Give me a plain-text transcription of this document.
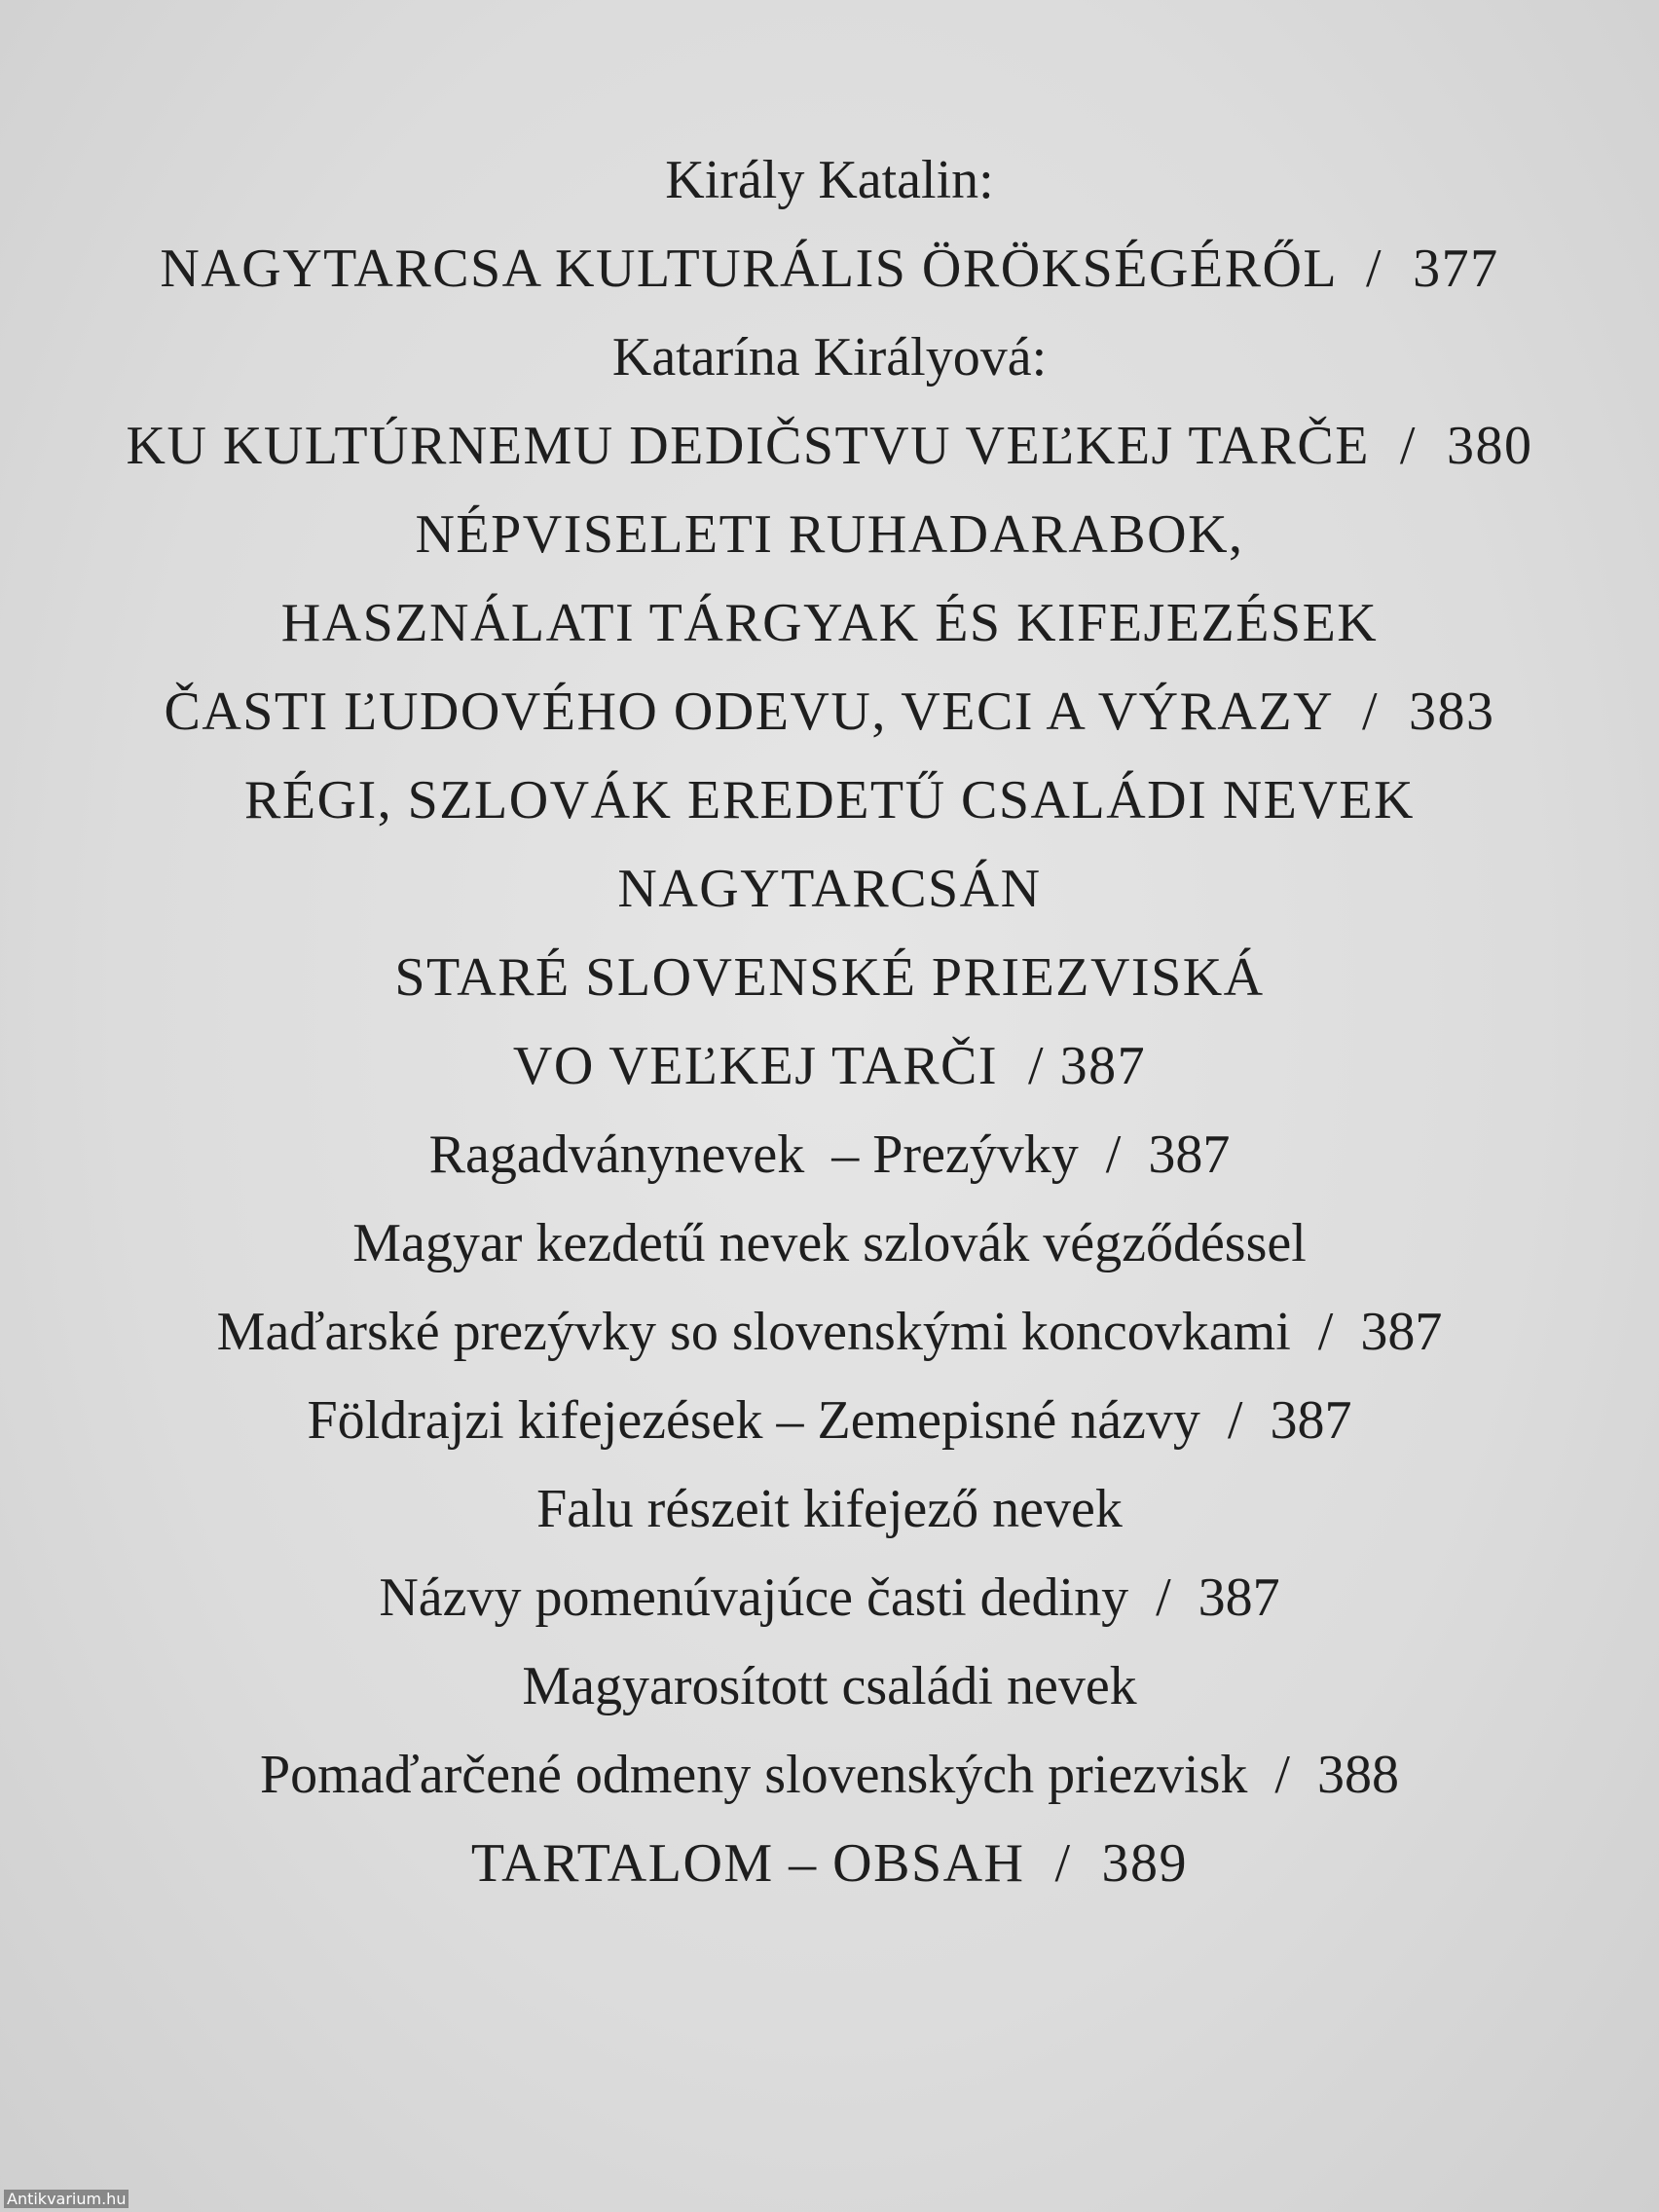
Király Katalin:
NAGYTARCSA KULTURÁLIS ÖRÖKSÉGÉRŐL  /  377
Katarína Királyová:
KU KULTÚRNEMU DEDIČSTVU VEĽKEJ TARČE  /  380
NÉPVISELETI RUHADARABOK,
HASZNÁLATI TÁRGYAK ÉS KIFEJEZÉSEK
ČASTI ĽUDOVÉHO ODEVU, VECI A VÝRAZY  /  383
RÉGI, SZLOVÁK EREDETŰ CSALÁDI NEVEK
NAGYTARCSÁN
STARÉ SLOVENSKÉ PRIEZVISKÁ
VO VEĽKEJ TARČI  / 387
Ragadványnevek  – Prezývky  /  387
Magyar kezdetű nevek szlovák végződéssel
Maďarské prezývky so slovenskými koncovkami  /  387
Földrajzi kifejezések – Zemepisné názvy  /  387
Falu részeit kifejező nevek
Názvy pomenúvajúce časti dediny  /  387
Magyarosított családi nevek
Pomaďarčené odmeny slovenských priezvisk  /  388
TARTALOM – OBSAH  /  389
Antikvarium.hu
